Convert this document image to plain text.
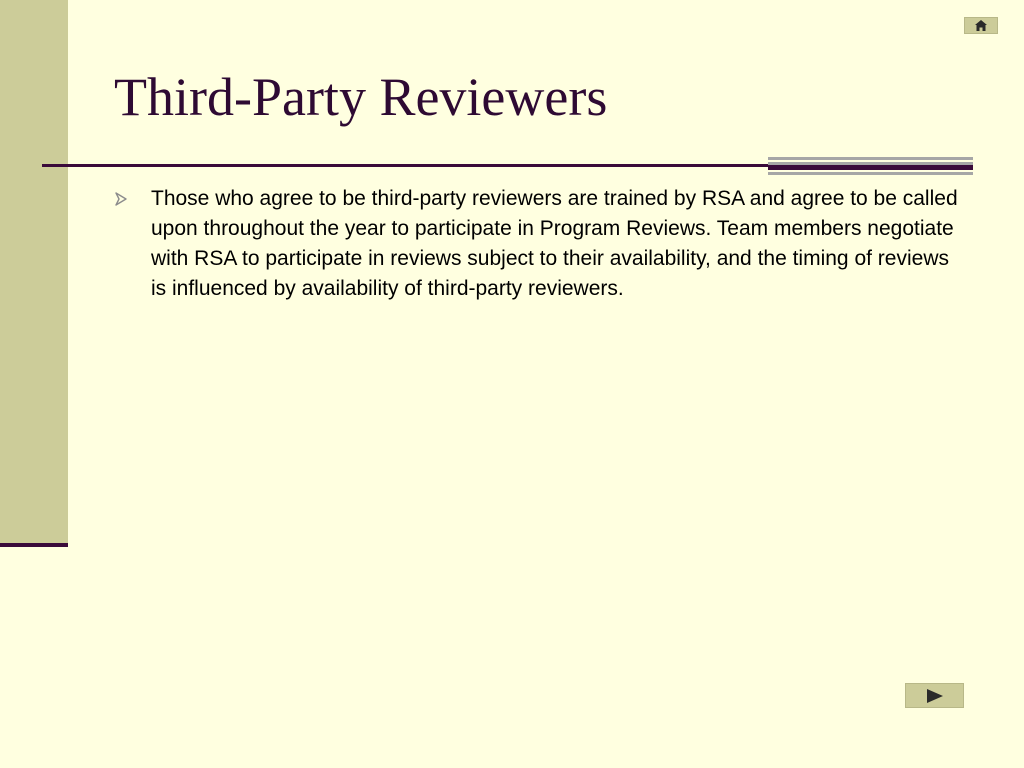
Third-Party Reviewers
Those who agree to be third-party reviewers are trained by RSA and agree to be called upon throughout the year to participate in Program Reviews. Team members negotiate with RSA to participate in reviews subject to their availability, and the timing of reviews is influenced by availability of third-party reviewers.
